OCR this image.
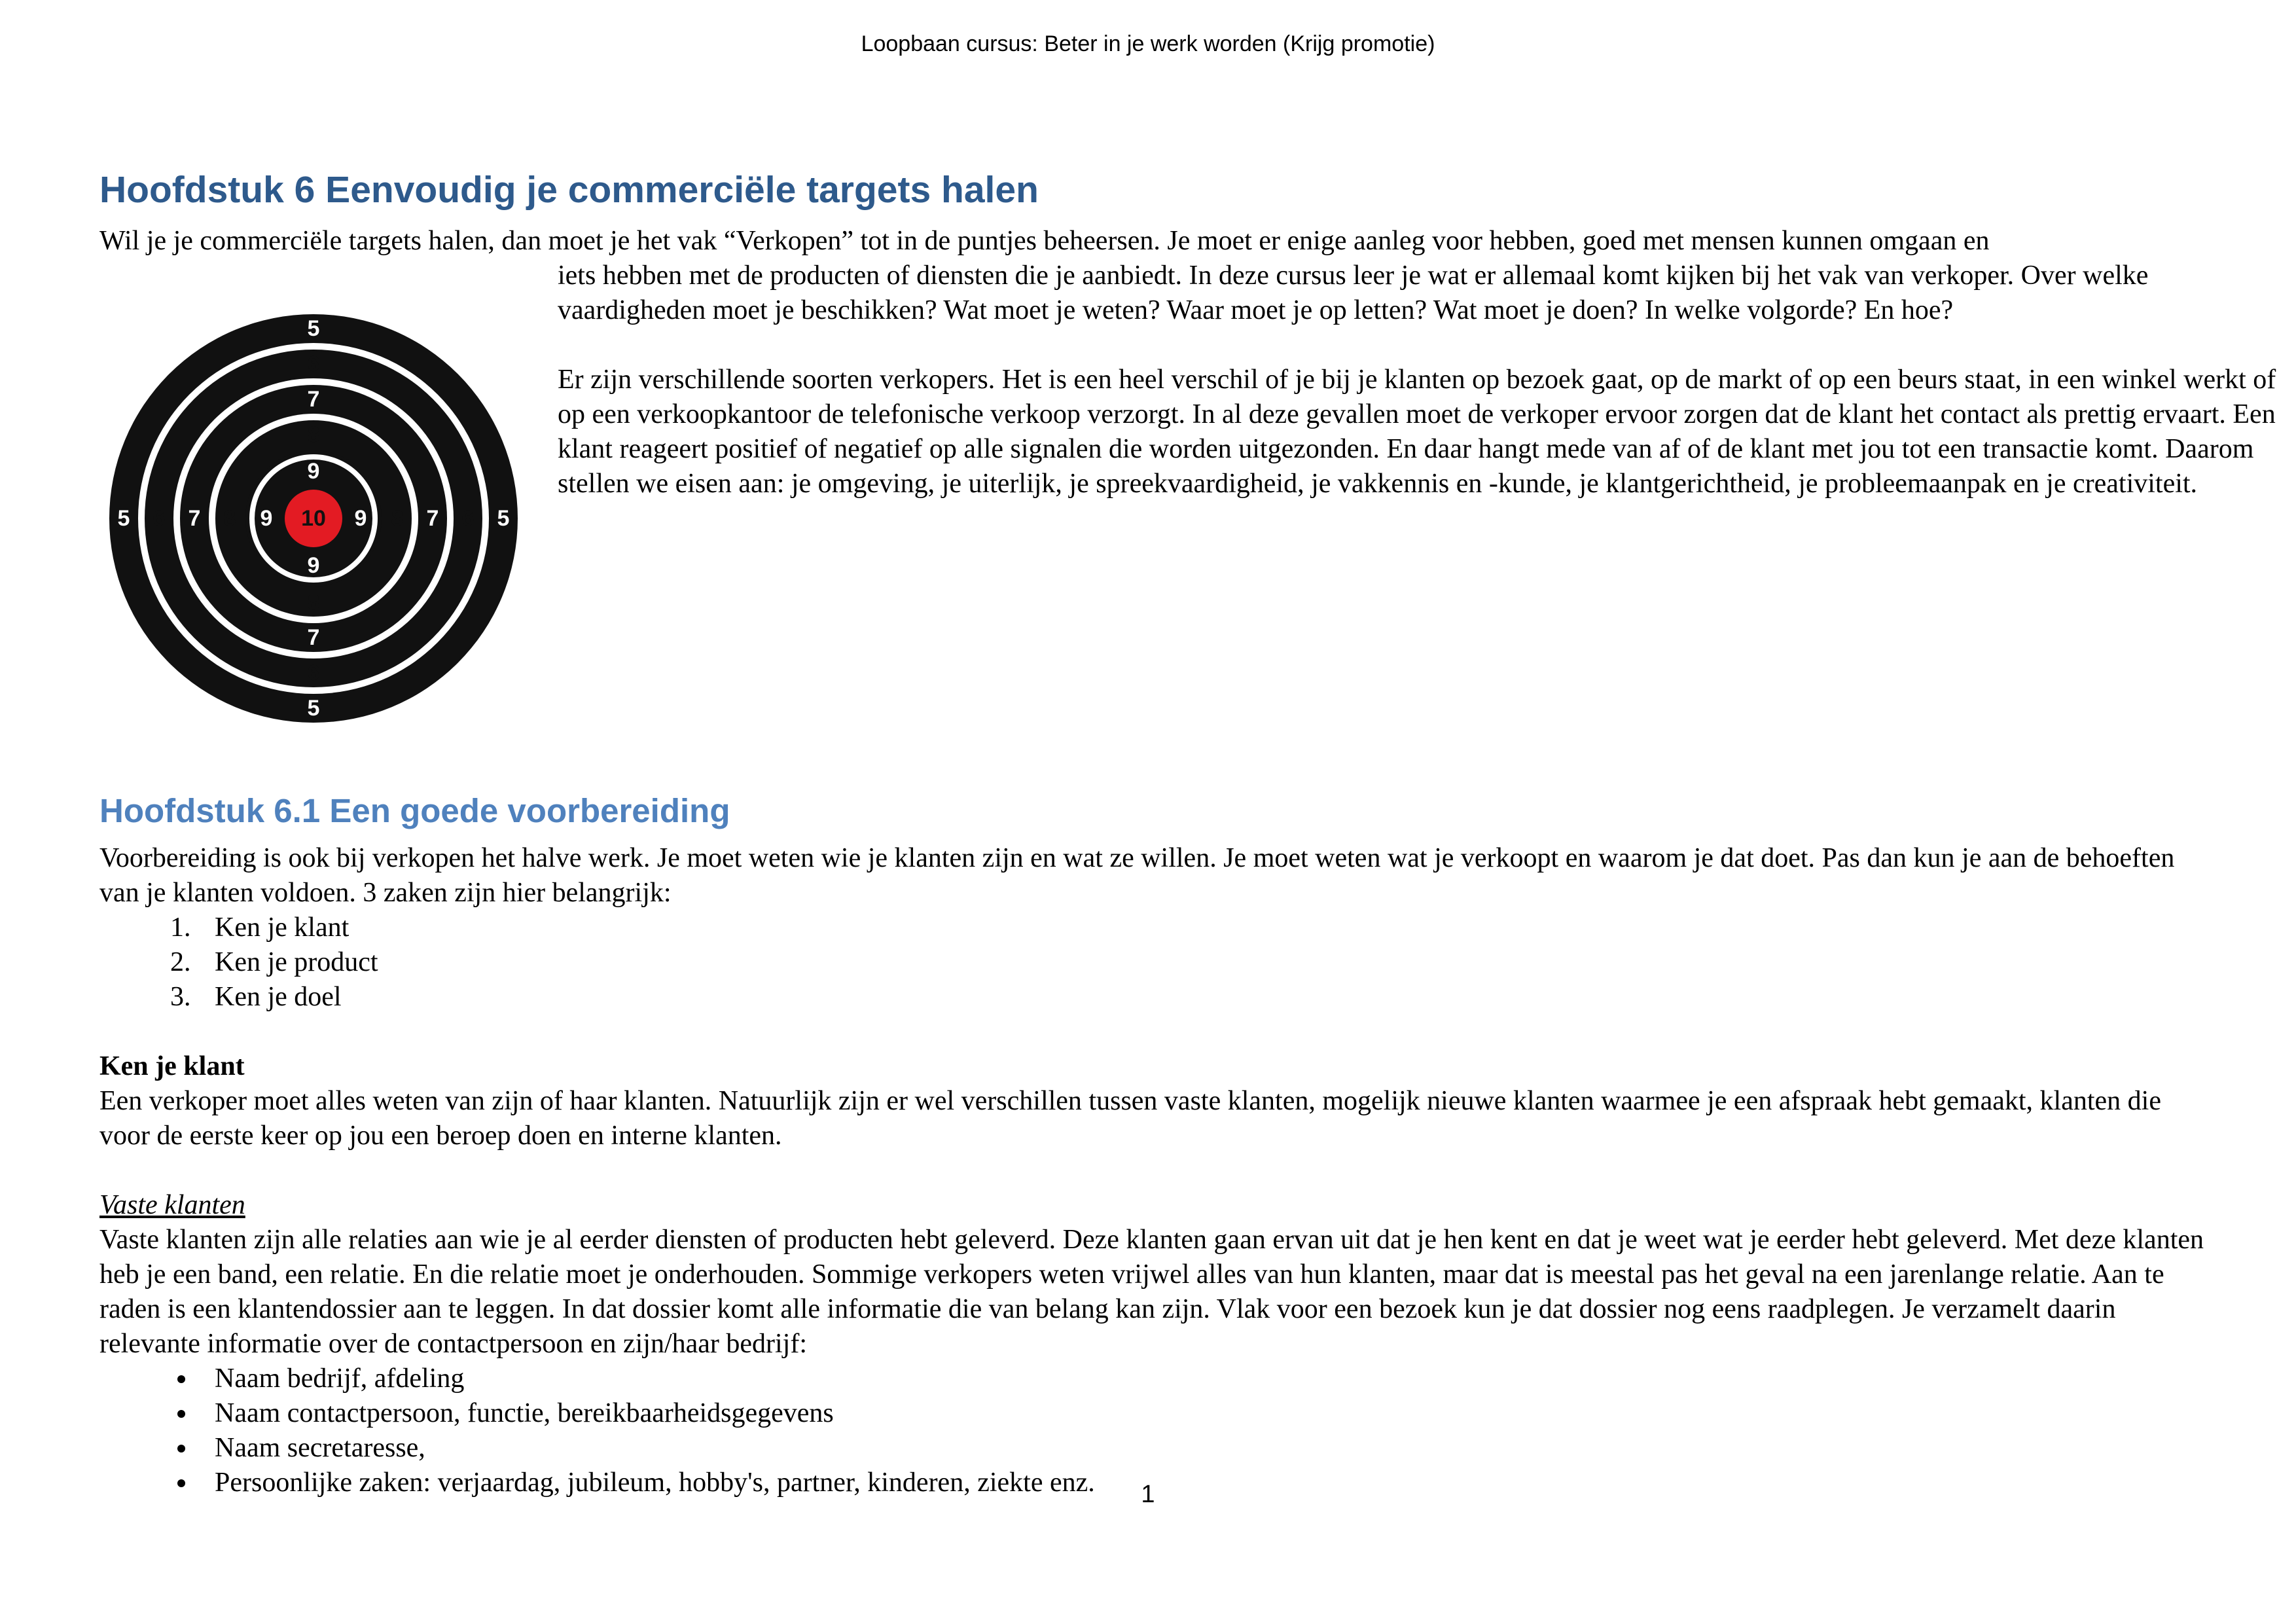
Loopbaan cursus: Beter in je werk worden (Krijg promotie)
Hoofdstuk 6 Eenvoudig je commerciële targets halen

Wil je je commerciële targets halen, dan moet je het vak “Verkopen” tot in de puntjes beheersen. Je moet er enige aanleg voor hebben, goed met mensen kunnen omgaan en

5
5
5	5
6
6
6	6
7
7
7	7
8
8
8	8
9
9
9	9
10

iets hebben met de producten of diensten die je aanbiedt. In deze cursus leer je wat er allemaal komt kijken bij het vak van verkoper. Over welke vaardigheden moet je beschikken? Wat moet je weten? Waar moet je op letten? Wat moet je doen? In welke volgorde? En hoe?

Er zijn verschillende soorten verkopers. Het is een heel verschil of je bij je klanten op bezoek gaat, op de markt of op een beurs staat, in een winkel werkt of op een verkoopkantoor de telefonische verkoop verzorgt. In al deze gevallen moet de verkoper ervoor zorgen dat de klant het contact als prettig ervaart. Een klant reageert positief of negatief op alle signalen die worden uitgezonden. En daar hangt mede van af of de klant met jou tot een transactie komt. Daarom stellen we eisen aan: je omgeving, je uiterlijk, je spreekvaardigheid, je vakkennis en -kunde, je klantgerichtheid, je probleemaanpak en je creativiteit.

Hoofdstuk 6.1 Een goede voorbereiding

Voorbereiding is ook bij verkopen het halve werk. Je moet weten wie je klanten zijn en wat ze willen. Je moet weten wat je verkoopt en waarom je dat doet. Pas dan kun je aan de behoeften van je klanten voldoen. 3 zaken zijn hier belangrijk:

1. Ken je klant
2. Ken je product
3. Ken je doel

Ken je klant

Een verkoper moet alles weten van zijn of haar klanten. Natuurlijk zijn er wel verschillen tussen vaste klanten, mogelijk nieuwe klanten waarmee je een afspraak hebt gemaakt, klanten die voor de eerste keer op jou een beroep doen en interne klanten.

Vaste klanten

Vaste klanten zijn alle relaties aan wie je al eerder diensten of producten hebt geleverd. Deze klanten gaan ervan uit dat je hen kent en dat je weet wat je eerder hebt geleverd. Met deze klanten heb je een band, een relatie. En die relatie moet je onderhouden. Sommige verkopers weten vrijwel alles van hun klanten, maar dat is meestal pas het geval na een jarenlange relatie. Aan te raden is een klantendossier aan te leggen. In dat dossier komt alle informatie die van belang kan zijn. Vlak voor een bezoek kun je dat dossier nog eens raadplegen. Je verzamelt daarin relevante informatie over de contactpersoon en zijn/haar bedrijf:

• Naam bedrijf, afdeling
• Naam contactpersoon, functie, bereikbaarheidsgegevens
• Naam secretaresse,
• Persoonlijke zaken: verjaardag, jubileum, hobby's, partner, kinderen, ziekte enz.	1
